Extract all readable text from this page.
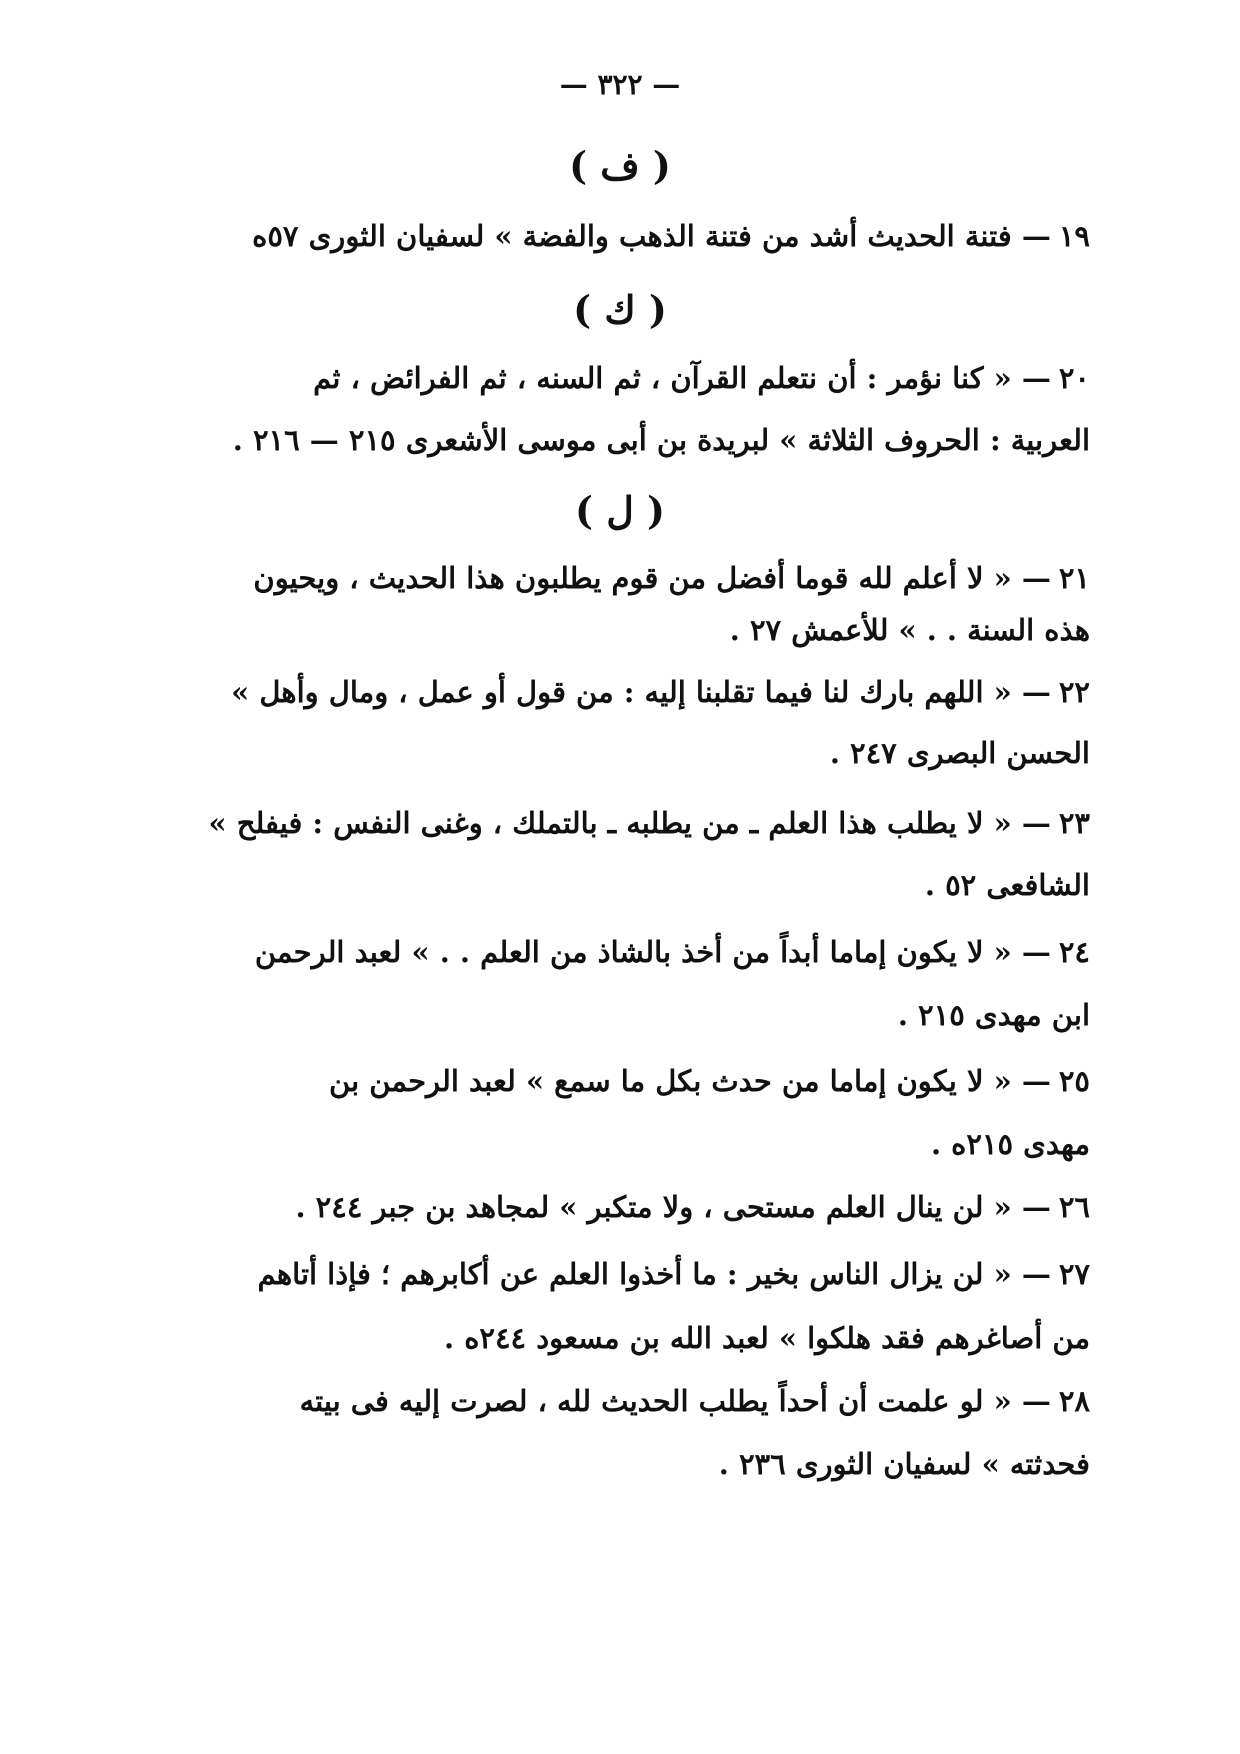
— ٣٢٢ —
( ف )
١٩— فتنة الحديث أشد من فتنة الذهب والفضة » لسفيان الثورى ٥٧ه
( ك )
٢٠— « كنا نؤمر : أن نتعلم القرآن ، ثم السنه ، ثم الفرائض ، ثم
العربية : الحروف الثلاثة » لبريدة بن أبى موسى الأشعرى ٢١٥ — ٢١٦ .
( ل )
٢١— « لا أعلم لله قوما أفضل من قوم يطلبون هذا الحديث ، ويحيون
هذه السنة . . » للأعمش ٢٧ .
٢٢— « اللهم بارك لنا فيما تقلبنا إليه : من قول أو عمل ، ومال وأهل »
الحسن البصرى ٢٤٧ .
٢٣— « لا يطلب هذا العلم ـ من يطلبه ـ بالتملك ، وغنى النفس : فيفلح »
الشافعى ٥٢ .
٢٤— « لا يكون إماما أبداً من أخذ بالشاذ من العلم . . » لعبد الرحمن
ابن مهدى ٢١٥ .
٢٥— « لا يكون إماما من حدث بكل ما سمع » لعبد الرحمن بن
مهدى ٢١٥ه .
٢٦— « لن ينال العلم مستحى ، ولا متكبر » لمجاهد بن جبر ٢٤٤ .
٢٧— « لن يزال الناس بخير : ما أخذوا العلم عن أكابرهم ؛ فإذا أتاهم
من أصاغرهم فقد هلكوا » لعبد الله بن مسعود ٢٤٤ه .
٢٨— « لو علمت أن أحداً يطلب الحديث لله ، لصرت إليه فى بيته
فحدثته » لسفيان الثورى ٢٣٦ .
